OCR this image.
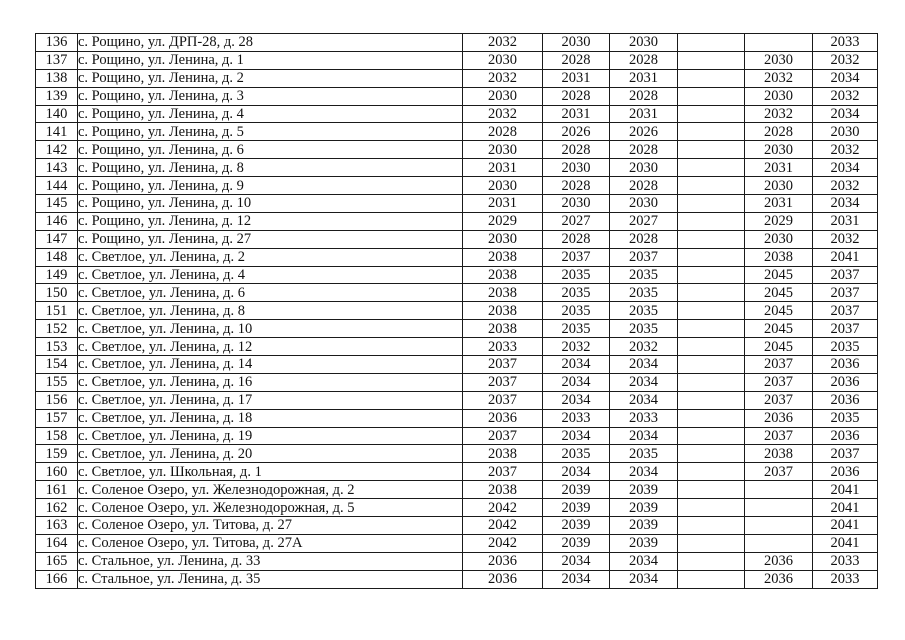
136	с. Рощино, ул. ДРП-28, д. 28	2032	2030	2030			2033
137	с. Рощино, ул. Ленина, д. 1	2030	2028	2028		2030	2032
138	с. Рощино, ул. Ленина, д. 2	2032	2031	2031		2032	2034
139	с. Рощино, ул. Ленина, д. 3	2030	2028	2028		2030	2032
140	с. Рощино, ул. Ленина, д. 4	2032	2031	2031		2032	2034
141	с. Рощино, ул. Ленина, д. 5	2028	2026	2026		2028	2030
142	с. Рощино, ул. Ленина, д. 6	2030	2028	2028		2030	2032
143	с. Рощино, ул. Ленина, д. 8	2031	2030	2030		2031	2034
144	с. Рощино, ул. Ленина, д. 9	2030	2028	2028		2030	2032
145	с. Рощино, ул. Ленина, д. 10	2031	2030	2030		2031	2034
146	с. Рощино, ул. Ленина, д. 12	2029	2027	2027		2029	2031
147	с. Рощино, ул. Ленина, д. 27	2030	2028	2028		2030	2032
148	с. Светлое, ул. Ленина, д. 2	2038	2037	2037		2038	2041
149	с. Светлое, ул. Ленина, д. 4	2038	2035	2035		2045	2037
150	с. Светлое, ул. Ленина, д. 6	2038	2035	2035		2045	2037
151	с. Светлое, ул. Ленина, д. 8	2038	2035	2035		2045	2037
152	с. Светлое, ул. Ленина, д. 10	2038	2035	2035		2045	2037
153	с. Светлое, ул. Ленина, д. 12	2033	2032	2032		2045	2035
154	с. Светлое, ул. Ленина, д. 14	2037	2034	2034		2037	2036
155	с. Светлое, ул. Ленина, д. 16	2037	2034	2034		2037	2036
156	с. Светлое, ул. Ленина, д. 17	2037	2034	2034		2037	2036
157	с. Светлое, ул. Ленина, д. 18	2036	2033	2033		2036	2035
158	с. Светлое, ул. Ленина, д. 19	2037	2034	2034		2037	2036
159	с. Светлое, ул. Ленина, д. 20	2038	2035	2035		2038	2037
160	с. Светлое, ул. Школьная, д. 1	2037	2034	2034		2037	2036
161	с. Соленое Озеро, ул. Железнодорожная, д. 2	2038	2039	2039			2041
162	с. Соленое Озеро, ул. Железнодорожная, д. 5	2042	2039	2039			2041
163	с. Соленое Озеро, ул. Титова, д. 27	2042	2039	2039			2041
164	с. Соленое Озеро, ул. Титова, д. 27А	2042	2039	2039			2041
165	с. Стальное, ул. Ленина, д. 33	2036	2034	2034		2036	2033
166	с. Стальное, ул. Ленина, д. 35	2036	2034	2034		2036	2033
